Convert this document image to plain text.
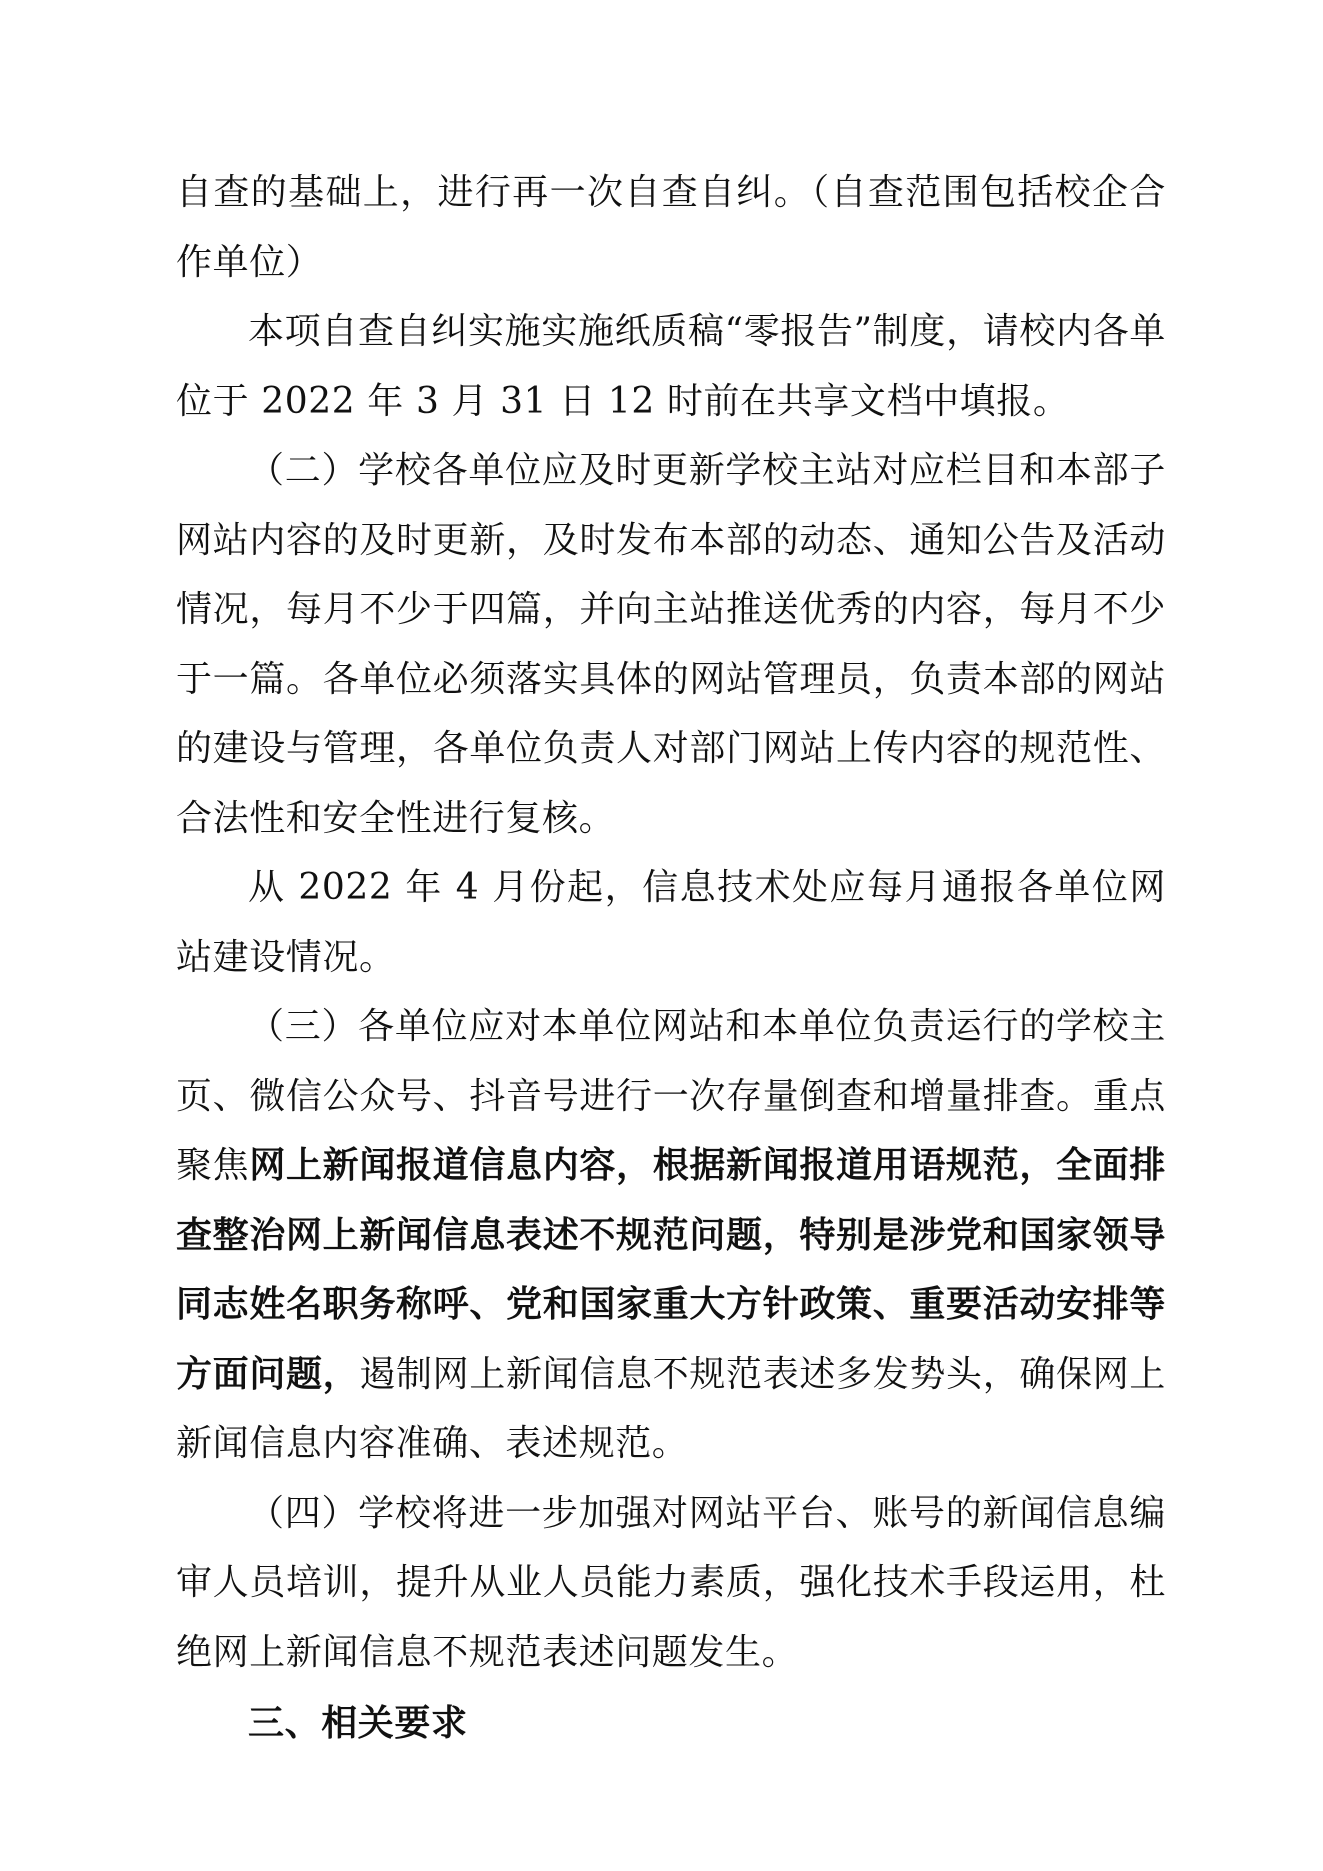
自查的基础上，进行再一次自查自纠。（自查范围包括校企合作单位）

本项自查自纠实施实施纸质稿“零报告”制度，请校内各单位于 2022 年 3 月 31 日 12 时前在共享文档中填报。

（二）学校各单位应及时更新学校主站对应栏目和本部子网站内容的及时更新，及时发布本部的动态、通知公告及活动情况，每月不少于四篇，并向主站推送优秀的内容，每月不少于一篇。各单位必须落实具体的网站管理员，负责本部的网站的建设与管理，各单位负责人对部门网站上传内容的规范性、合法性和安全性进行复核。

从 2022 年 4 月份起，信息技术处应每月通报各单位网站建设情况。

（三）各单位应对本单位网站和本单位负责运行的学校主页、微信公众号、抖音号进行一次存量倒查和增量排查。重点聚焦网上新闻报道信息内容，根据新闻报道用语规范，全面排查整治网上新闻信息表述不规范问题，特别是涉党和国家领导同志姓名职务称呼、党和国家重大方针政策、重要活动安排等方面问题，遏制网上新闻信息不规范表述多发势头，确保网上新闻信息内容准确、表述规范。

（四）学校将进一步加强对网站平台、账号的新闻信息编审人员培训，提升从业人员能力素质，强化技术手段运用，杜绝网上新闻信息不规范表述问题发生。

三、相关要求
